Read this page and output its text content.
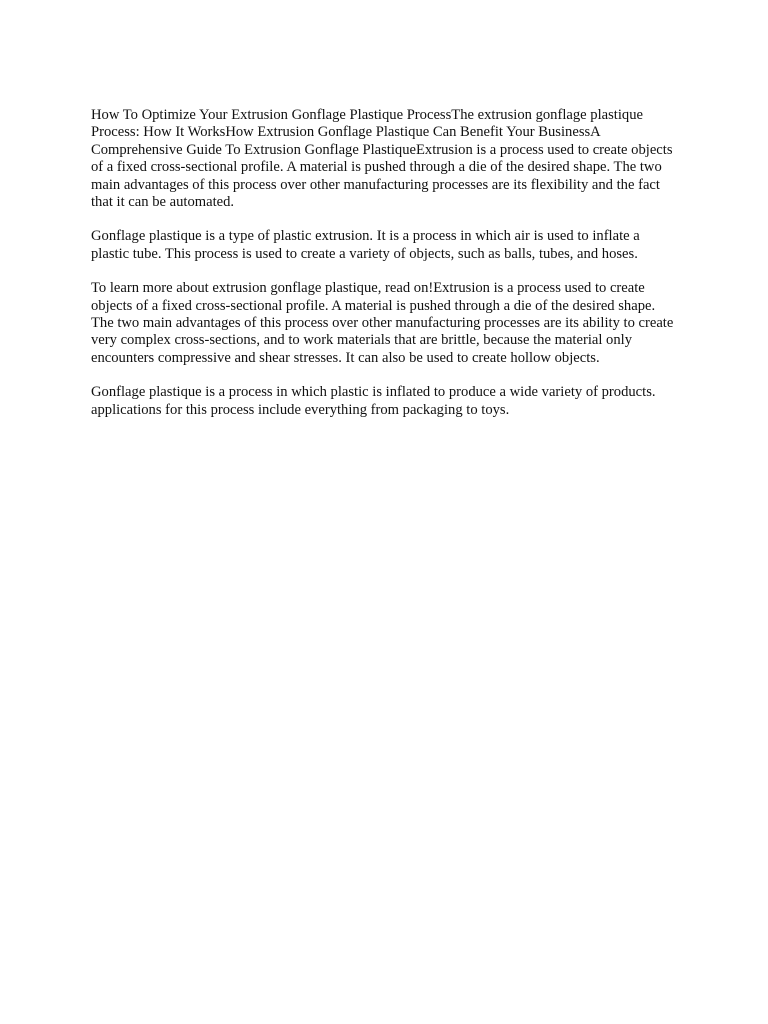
How To Optimize Your Extrusion Gonflage Plastique ProcessThe extrusion gonflage plastique Process: How It WorksHow Extrusion Gonflage Plastique Can Benefit Your BusinessA Comprehensive Guide To Extrusion Gonflage PlastiqueExtrusion is a process used to create objects of a fixed cross-sectional profile. A material is pushed through a die of the desired shape. The two main advantages of this process over other manufacturing processes are its flexibility and the fact that it can be automated.

Gonflage plastique is a type of plastic extrusion. It is a process in which air is used to inflate a plastic tube. This process is used to create a variety of objects, such as balls, tubes, and hoses.

To learn more about extrusion gonflage plastique, read on!Extrusion is a process used to create objects of a fixed cross-sectional profile. A material is pushed through a die of the desired shape. The two main advantages of this process over other manufacturing processes are its ability to create very complex cross-sections, and to work materials that are brittle, because the material only encounters compressive and shear stresses. It can also be used to create hollow objects.

Gonflage plastique is a process in which plastic is inflated to produce a wide variety of products. applications for this process include everything from packaging to toys.
